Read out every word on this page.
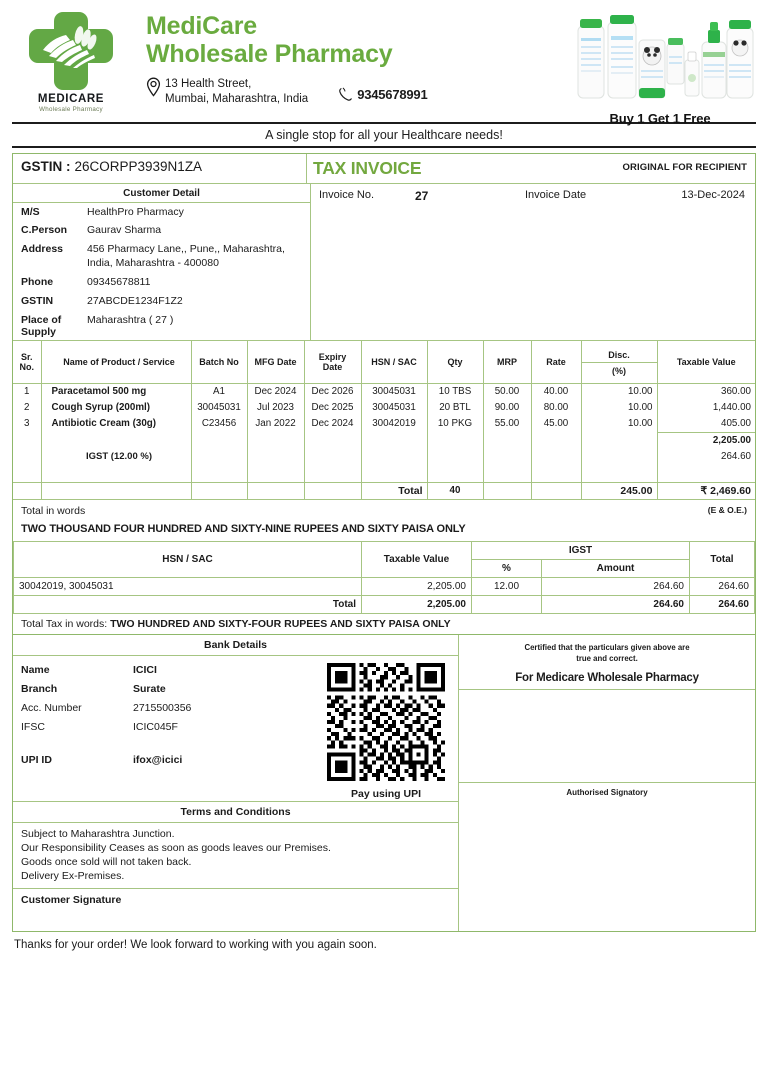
MEDICARE
Wholesale Pharmacy
MediCare
Wholesale Pharmacy
13 Health Street,
Mumbai, Maharashtra, India	9345678991
Buy 1 Get 1 Free
A single stop for all your Healthcare needs!
GSTIN : 26CORPP3939N1ZA	TAX INVOICE	ORIGINAL FOR RECIPIENT
Customer Detail
M/S	HealthPro Pharmacy
C.Person	Gaurav Sharma
Address	456 Pharmacy Lane,, Pune,, Maharashtra, India, Maharashtra - 400080
Phone	09345678811
GSTIN	27ABCDE1234F1Z2
Place of Supply
Maharashtra ( 27 )
Invoice No.	27	Invoice Date	13-Dec-2024
Sr. No.	Name of Product / Service	Batch No	MFG Date	Expiry Date	HSN / SAC	Qty	MRP	Rate	Disc.
(%)	Taxable Value
1	Paracetamol 500 mg	A1	Dec 2024	Dec 2026	30045031	10 TBS	50.00	40.00	10.00	360.00
2	Cough Syrup (200ml)	30045031	Jul 2023	Dec 2025	30045031	20 BTL	90.00	80.00	10.00	1,440.00
3	Antibiotic Cream (30g)	C23456	Jan 2022	Dec 2024	30042019	10 PKG	55.00	45.00	10.00	405.00
										2,205.00
	IGST (12.00 %)									264.60

					Total	40			245.00	₹ 2,469.60
Total in words
TWO THOUSAND FOUR HUNDRED AND SIXTY-NINE RUPEES AND SIXTY PAISA ONLY
(E & O.E.)
HSN / SAC	Taxable Value	IGST		Total
		%	Amount	
30042019, 30045031	2,205.00	12.00	264.60	264.60
Total	2,205.00		264.60	264.60
Total Tax in words: TWO HUNDRED AND SIXTY-FOUR RUPEES AND SIXTY PAISA ONLY
Bank Details
Name	ICICI
Branch	Surate
Acc. Number	2715500356
IFSC	ICIC045F
UPI ID	ifox@icici
Pay using UPI
Certified that the particulars given above are
true and correct.
For Medicare Wholesale Pharmacy
Authorised Signatory
Terms and Conditions
Subject to Maharashtra Junction.
Our Responsibility Ceases as soon as goods leaves our Premises.
Goods once sold will not taken back.
Delivery Ex-Premises.
Customer Signature
Thanks for your order! We look forward to working with you again soon.
